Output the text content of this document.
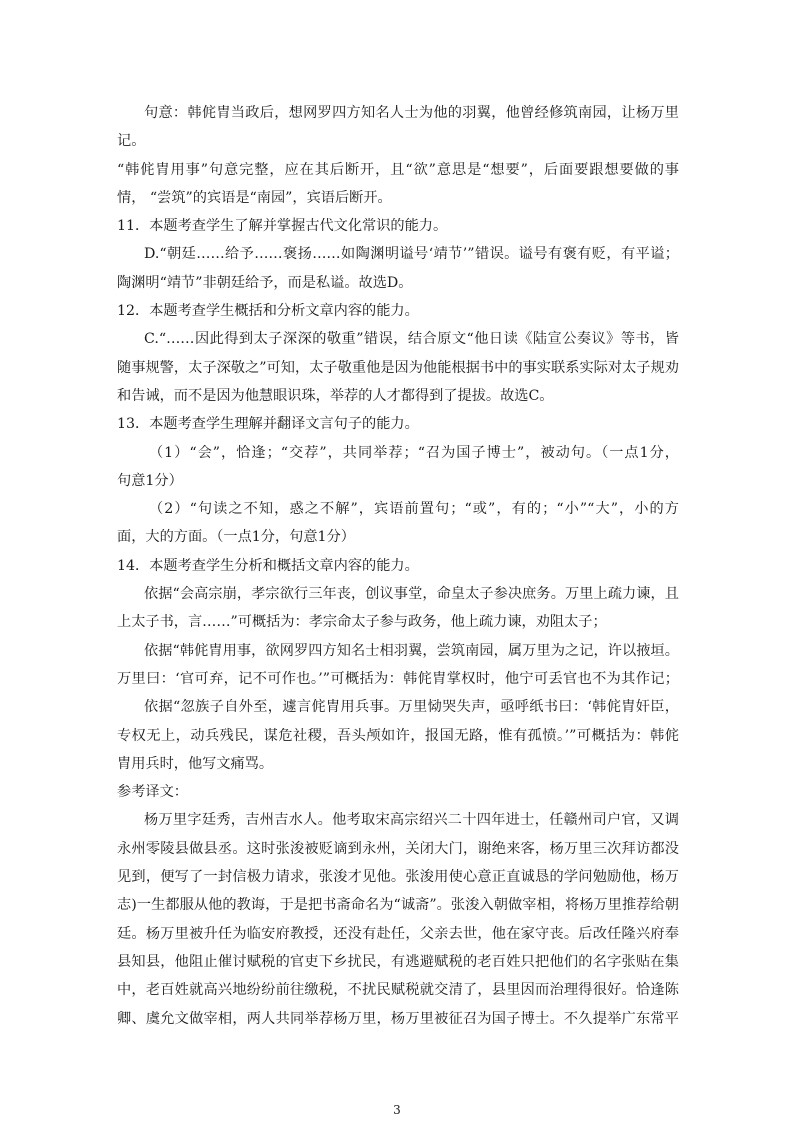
句意：韩侂胄当政后，想网罗四方知名人士为他的羽翼，他曾经修筑南园，让杨万里
记。
“韩侂胄用事”句意完整，应在其后断开，且“欲”意思是“想要”，后面要跟想要做的事
情， “尝筑”的宾语是“南园”，宾语后断开。
11．本题考查学生了解并掌握古代文化常识的能力。
D.“朝廷……给予……褒扬……如陶渊明谥号‘靖节’”错误。谥号有褒有贬，有平谥；
陶渊明“靖节”非朝廷给予，而是私谥。故选D。
12．本题考查学生概括和分析文章内容的能力。
C.“……因此得到太子深深的敬重”错误，结合原文“他日读《陆宣公奏议》等书，皆
随事规警，太子深敬之”可知，太子敬重他是因为他能根据书中的事实联系实际对太子规劝
和告诫，而不是因为他慧眼识珠，举荐的人才都得到了提拔。故选C。
13．本题考查学生理解并翻译文言句子的能力。
（1）“会”，恰逢；“交荐”，共同举荐；“召为国子博士”，被动句。（一点1分，
句意1分）
（2）“句读之不知，惑之不解”，宾语前置句；“或”，有的；“小”“大”，小的方
面，大的方面。（一点1分，句意1分）
14．本题考查学生分析和概括文章内容的能力。
依据“会高宗崩，孝宗欲行三年丧，创议事堂，命皇太子参决庶务。万里上疏力谏，且
上太子书，言……”可概括为：孝宗命太子参与政务，他上疏力谏，劝阻太子；
依据“韩侂胄用事，欲网罗四方知名士相羽翼，尝筑南园，属万里为之记，许以掖垣。
万里曰：‘官可弃，记不可作也。’”可概括为：韩侂胄掌权时，他宁可丢官也不为其作记；
依据“忽族子自外至，遽言侂胄用兵事。万里恸哭失声，亟呼纸书曰：‘韩侂胄奸臣，
专权无上，动兵残民，谋危社稷，吾头颅如许，报国无路，惟有孤愤。’”可概括为：韩侂
胄用兵时，他写文痛骂。
参考译文：
杨万里字廷秀，吉州吉水人。他考取宋高宗绍兴二十四年进士，任赣州司户官，又调
永州零陵县做县丞。这时张浚被贬谪到永州，关闭大门，谢绝来客，杨万里三次拜访都没
见到，便写了一封信极力请求，张浚才见他。张浚用使心意正直诚恳的学问勉励他，杨万
志)一生都服从他的教诲，于是把书斋命名为“诚斋”。张浚入朝做宰相，将杨万里推荐给朝
廷。杨万里被升任为临安府教授，还没有赴任，父亲去世，他在家守丧。后改任隆兴府奉
县知县，他阻止催讨赋税的官吏下乡扰民，有逃避赋税的老百姓只把他们的名字张贴在集
中，老百姓就高兴地纷纷前往缴税，不扰民赋税就交清了，县里因而治理得很好。恰逢陈
卿、虞允文做宰相，两人共同举荐杨万里，杨万里被征召为国子博士。不久提举广东常平
3
